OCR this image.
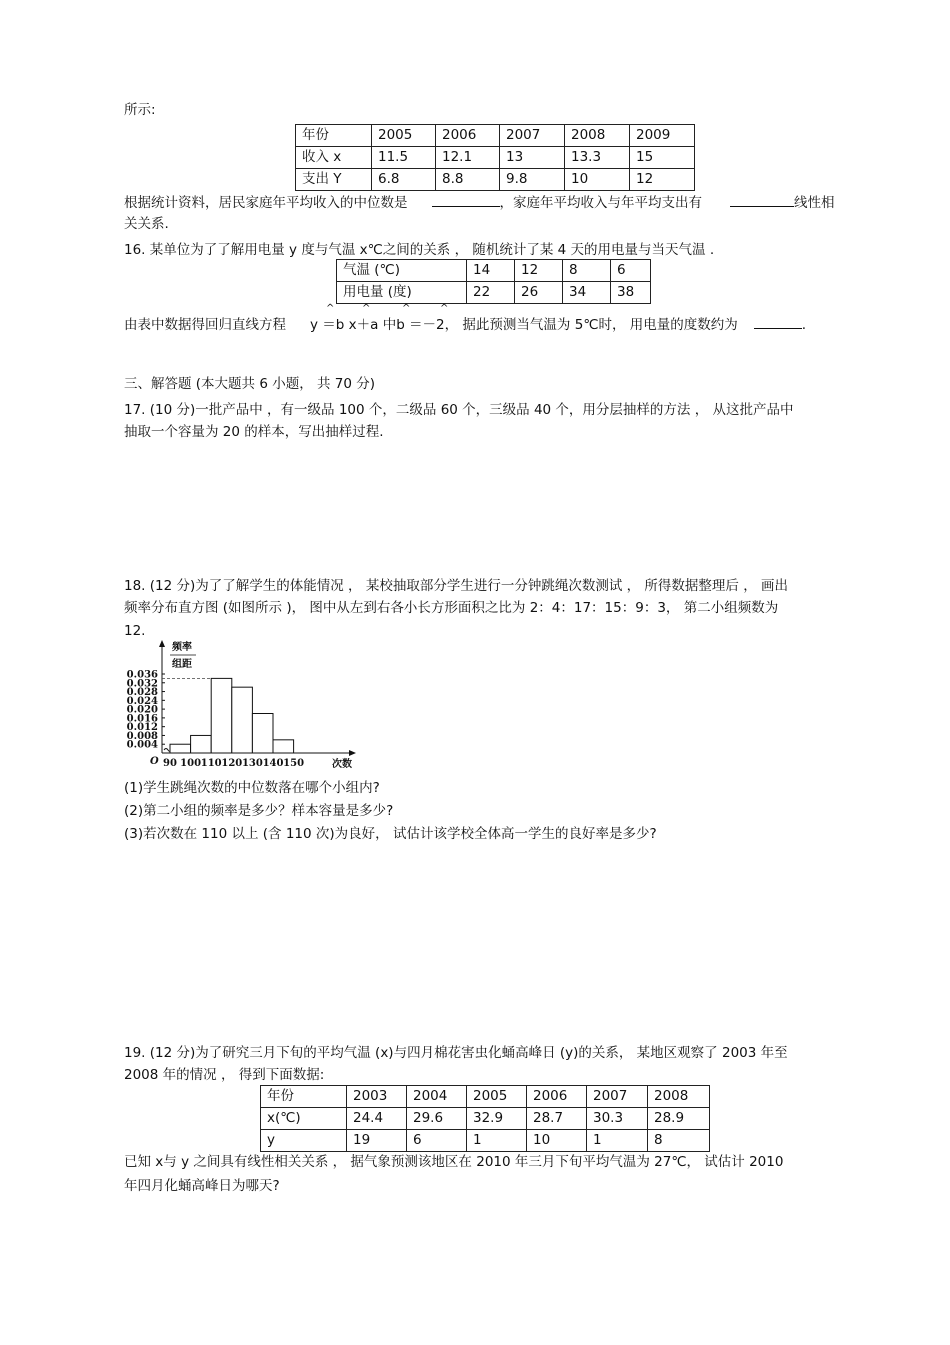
所示:
年份	2005	2006	2007	2008	2009
收入 x	11.5	12.1	13	13.3	15
支出 Y	6.8	8.8	9.8	10	12
根据统计资料，居民家庭年平均收入的中位数是	，家庭年平均收入与年平均支出有	线性相
关关系.
16. 某单位为了了解用电量 y 度与气温 x℃之间的关系 ， 随机统计了某 4 天的用电量与当天气温 .
气温 (℃)	14	12	8	6
用电量 (度)	22	26	34	38
^	^	^	^
由表中数据得回归直线方程 y ＝b x＋a 中b ＝－2， 据此预测当气温为 5℃时， 用电量的度数约为	.
三、解答题 (本大题共 6 小题， 共 70 分)
17. (10 分)一批产品中 ，有一级品 100 个，二级品 60 个，三级品 40 个，用分层抽样的方法 ， 从这批产品中
抽取一个容量为 20 的样本，写出抽样过程.
18. (12 分)为了了解学生的体能情况 ， 某校抽取部分学生进行一分钟跳绳次数测试 ， 所得数据整理后 ， 画出
频率分布直方图 (如图所示 )， 图中从左到右各小长方形面积之比为 2：4：17：15：9：3， 第二小组频数为
12.
0.036
0.032
0.028
0.024
0.020
0.016
0.012
0.008
0.004
90 100 110 120 130 140 150
频率
组距
次数
O
(1)学生跳绳次数的中位数落在哪个小组内?
(2)第二小组的频率是多少？样本容量是多少?
(3)若次数在 110 以上 (含 110 次)为良好， 试估计该学校全体高一学生的良好率是多少?
19. (12 分)为了研究三月下旬的平均气温 (x)与四月棉花害虫化蛹高峰日 (y)的关系， 某地区观察了 2003 年至
2008 年的情况 ， 得到下面数据:
年份	2003	2004	2005	2006	2007	2008
x(℃)	24.4	29.6	32.9	28.7	30.3	28.9
y	19	6	1	10	1	8
已知 x与 y 之间具有线性相关关系 ， 据气象预测该地区在 2010 年三月下旬平均气温为 27℃， 试估计 2010
年四月化蛹高峰日为哪天?
